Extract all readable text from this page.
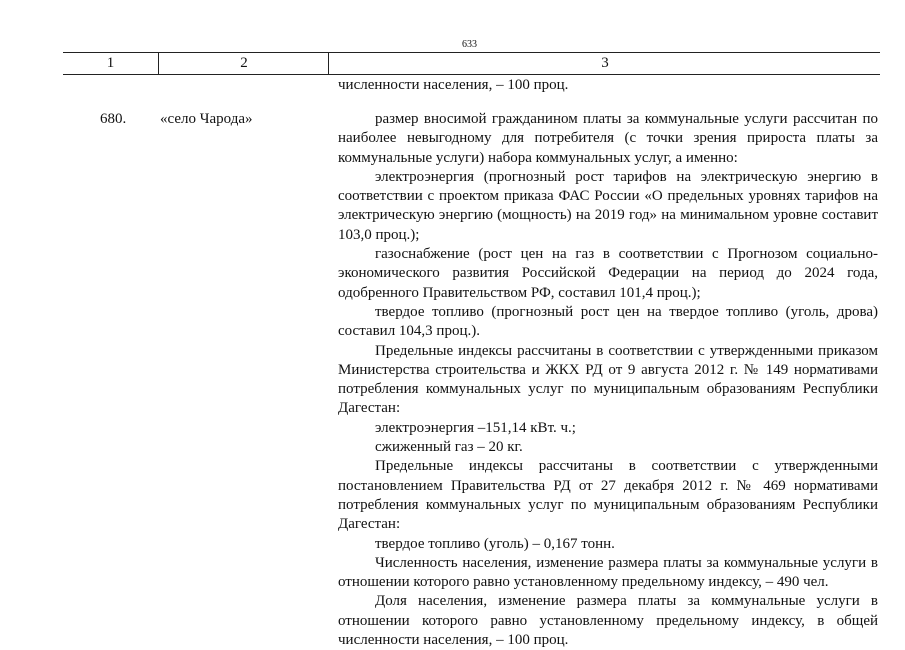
633
1	2	3
численности населения, – 100 проц.
680. «село Чарода»	размер вносимой гражданином платы за коммунальные услуги рассчитан по наиболее невыгодному для потребителя (с точки зрения прироста платы за коммунальные услуги) набора коммунальных услуг, а именно:

электроэнергия (прогнозный рост тарифов на электрическую энергию в соответствии с проектом приказа ФАС России «О предельных уровнях тарифов на электрическую энергию (мощность) на 2019 год» на минимальном уровне составит 103,0 проц.);

газоснабжение (рост цен на газ в соответствии с Прогнозом социально-экономического развития Российской Федерации на период до 2024 года, одобренного Правительством РФ, составил 101,4 проц.);

твердое топливо (прогнозный рост цен на твердое топливо (уголь, дрова) составил 104,3 проц.).

Предельные индексы рассчитаны в соответствии с утвержденными приказом Министерства строительства и ЖКХ РД от 9 августа 2012 г. № 149 нормативами потребления коммунальных услуг по муниципальным образованиям Республики Дагестан:

электроэнергия –151,14 кВт. ч.;

сжиженный газ – 20 кг.

Предельные индексы рассчитаны в соответствии с утвержденными постановлением Правительства РД от 27 декабря 2012 г. № 469 нормативами потребления коммунальных услуг по муниципальным образованиям Республики Дагестан:

твердое топливо (уголь) – 0,167 тонн.

Численность населения, изменение размера платы за коммунальные услуги в отношении которого равно установленному предельному индексу, – 490 чел.

Доля населения, изменение размера платы за коммунальные услуги в отношении которого равно установленному предельному индексу, в общей численности населения, – 100 проц.
